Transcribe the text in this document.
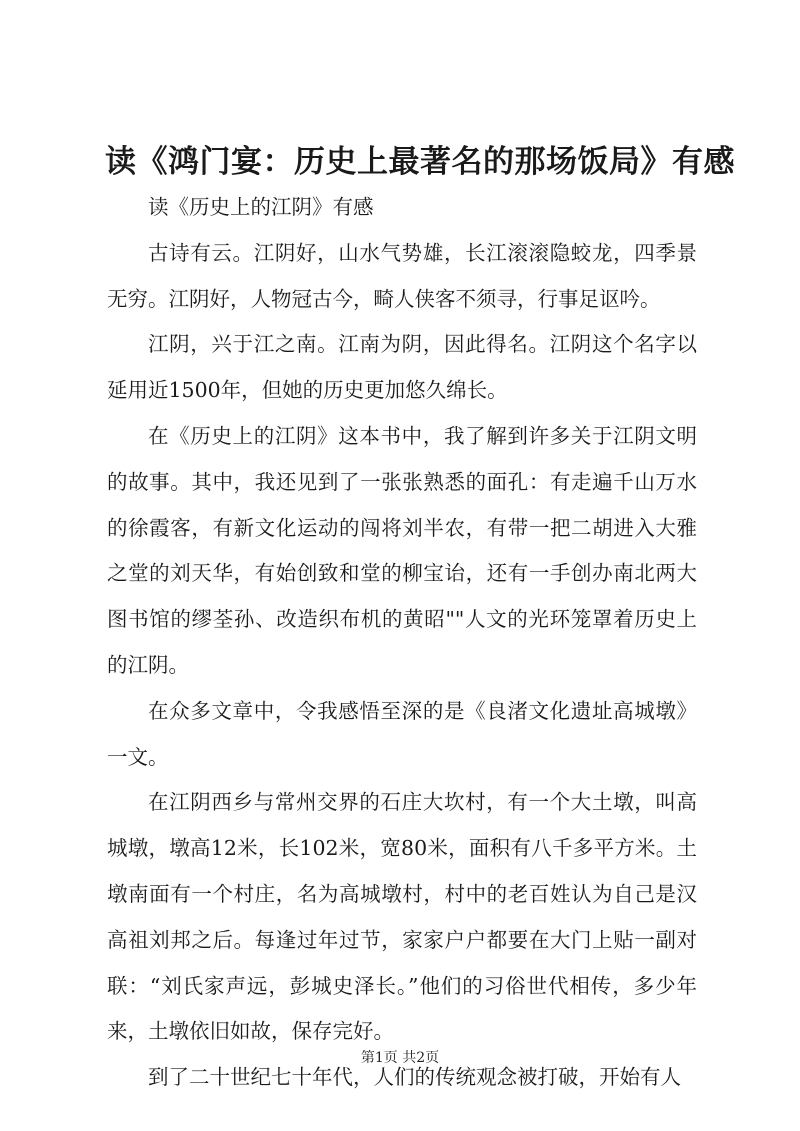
读《鸿门宴：历史上最著名的那场饭局》有感

读《历史上的江阴》有感

古诗有云。江阴好，山水气势雄，长江滚滚隐蛟龙，四季景无穷。江阴好，人物冠古今，畸人侠客不须寻，行事足讴吟。

江阴，兴于江之南。江南为阴，因此得名。江阴这个名字以延用近1500年，但她的历史更加悠久绵长。

在《历史上的江阴》这本书中，我了解到许多关于江阴文明的故事。其中，我还见到了一张张熟悉的面孔：有走遍千山万水的徐霞客，有新文化运动的闯将刘半农，有带一把二胡进入大雅之堂的刘天华，有始创致和堂的柳宝诒，还有一手创办南北两大图书馆的缪荃孙、改造织布机的黄昭""人文的光环笼罩着历史上的江阴。

在众多文章中，令我感悟至深的是《良渚文化遗址高城墩》一文。

在江阴西乡与常州交界的石庄大坎村，有一个大土墩，叫高城墩，墩高12米，长102米，宽80米，面积有八千多平方米。土墩南面有一个村庄，名为高城墩村，村中的老百姓认为自己是汉高祖刘邦之后。每逢过年过节，家家户户都要在大门上贴一副对联：“刘氏家声远，彭城史泽长。”他们的习俗世代相传，多少年来，土墩依旧如故，保存完好。

到了二十世纪七十年代，人们的传统观念被打破，开始有人

第1页 共2页
